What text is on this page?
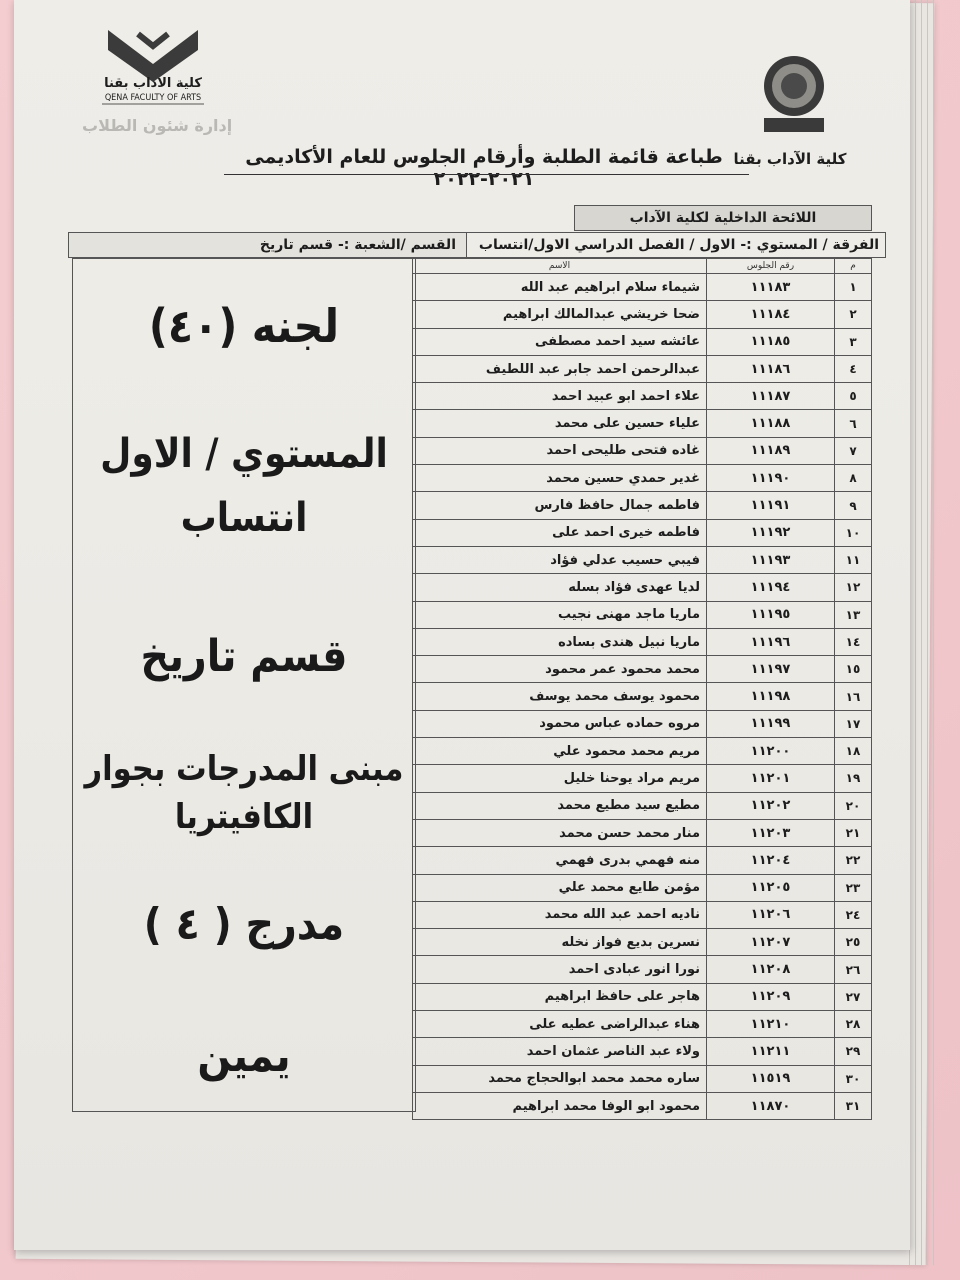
كلية الآداب بقنا
كلية الاداب بقنا
QENA FACULTY OF ARTS
إدارة شئون الطلاب
طباعة قائمة الطلبة وأرقام الجلوس للعام الأكاديمى ٢٠٢١-٢٠٢٢
اللائحة الداخلية لكلية الآداب
الفرقة / المستوي :- الاول / الفصل الدراسي الاول/انتساب
القسم /الشعبة :- قسم تاريخ
لجنه (٤٠)
المستوي / الاول
انتساب
قسم تاريخ
مبنى المدرجات بجوار
الكافيتريا
مدرج ( ٤ )
يمين
م	رقم الجلوس	الاسم
١	١١١٨٣	شيماء سلام ابراهيم عبد الله
٢	١١١٨٤	ضحا خريشي عبدالمالك ابراهيم
٣	١١١٨٥	عائشه سيد احمد مصطفى
٤	١١١٨٦	عبدالرحمن احمد جابر عبد اللطيف
٥	١١١٨٧	علاء احمد ابو عبيد احمد
٦	١١١٨٨	علياء حسين على محمد
٧	١١١٨٩	غاده فتحى طليحى احمد
٨	١١١٩٠	غدير حمدي حسين محمد
٩	١١١٩١	فاطمه جمال حافظ فارس
١٠	١١١٩٢	فاطمه خيرى احمد على
١١	١١١٩٣	فيبي حسيب عدلي فؤاد
١٢	١١١٩٤	لديا عهدى فؤاد بسله
١٣	١١١٩٥	ماريا ماجد مهنى نجيب
١٤	١١١٩٦	ماريا نبيل هندى بساده
١٥	١١١٩٧	محمد محمود عمر محمود
١٦	١١١٩٨	محمود يوسف محمد يوسف
١٧	١١١٩٩	مروه حماده عباس محمود
١٨	١١٢٠٠	مريم محمد محمود علي
١٩	١١٢٠١	مريم مراد يوحنا خليل
٢٠	١١٢٠٢	مطيع سيد مطيع محمد
٢١	١١٢٠٣	منار محمد حسن محمد
٢٢	١١٢٠٤	منه فهمي بدرى فهمي
٢٣	١١٢٠٥	مؤمن طايع محمد علي
٢٤	١١٢٠٦	ناديه احمد عبد الله محمد
٢٥	١١٢٠٧	نسرين بديع فواز نخله
٢٦	١١٢٠٨	نورا انور عبادى احمد
٢٧	١١٢٠٩	هاجر على حافظ ابراهيم
٢٨	١١٢١٠	هناء عبدالراضى عطيه على
٢٩	١١٢١١	ولاء عبد الناصر عثمان احمد
٣٠	١١٥١٩	ساره محمد محمد ابوالحجاج محمد
٣١	١١٨٧٠	محمود ابو الوفا محمد ابراهيم
